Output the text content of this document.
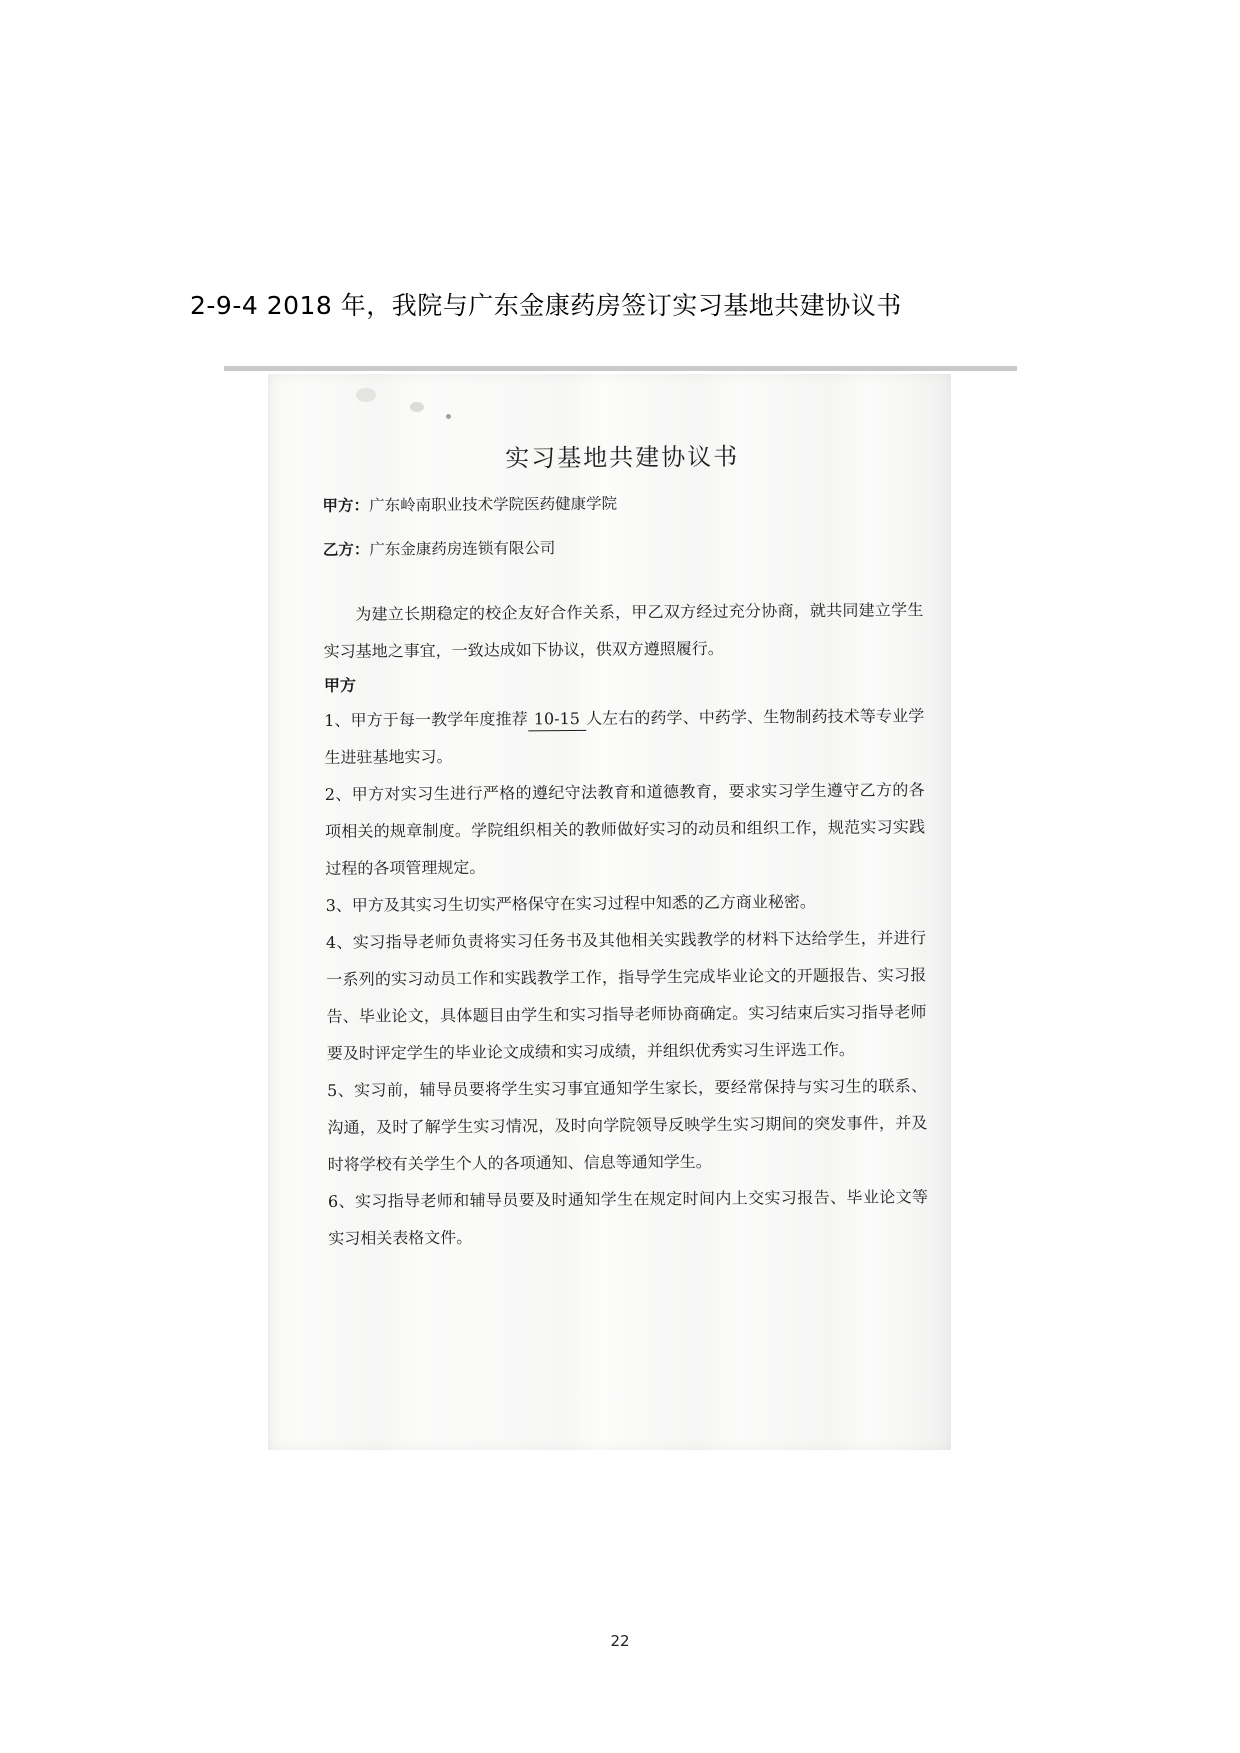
2-9-4 2018 年，我院与广东金康药房签订实习基地共建协议书
实习基地共建协议书

甲方：广东岭南职业技术学院医药健康学院

乙方：广东金康药房连锁有限公司

为建立长期稳定的校企友好合作关系，甲乙双方经过充分协商，就共同建立学生实习基地之事宜，一致达成如下协议，供双方遵照履行。

甲方

1、甲方于每一教学年度推荐 10-15 人左右的药学、中药学、生物制药技术等专业学生进驻基地实习。

2、甲方对实习生进行严格的遵纪守法教育和道德教育，要求实习学生遵守乙方的各项相关的规章制度。学院组织相关的教师做好实习的动员和组织工作，规范实习实践过程的各项管理规定。

3、甲方及其实习生切实严格保守在实习过程中知悉的乙方商业秘密。

4、实习指导老师负责将实习任务书及其他相关实践教学的材料下达给学生，并进行一系列的实习动员工作和实践教学工作，指导学生完成毕业论文的开题报告、实习报告、毕业论文，具体题目由学生和实习指导老师协商确定。实习结束后实习指导老师要及时评定学生的毕业论文成绩和实习成绩，并组织优秀实习生评选工作。

5、实习前，辅导员要将学生实习事宜通知学生家长，要经常保持与实习生的联系、沟通，及时了解学生实习情况，及时向学院领导反映学生实习期间的突发事件，并及时将学校有关学生个人的各项通知、信息等通知学生。

6、实习指导老师和辅导员要及时通知学生在规定时间内上交实习报告、毕业论文等实习相关表格文件。

22
